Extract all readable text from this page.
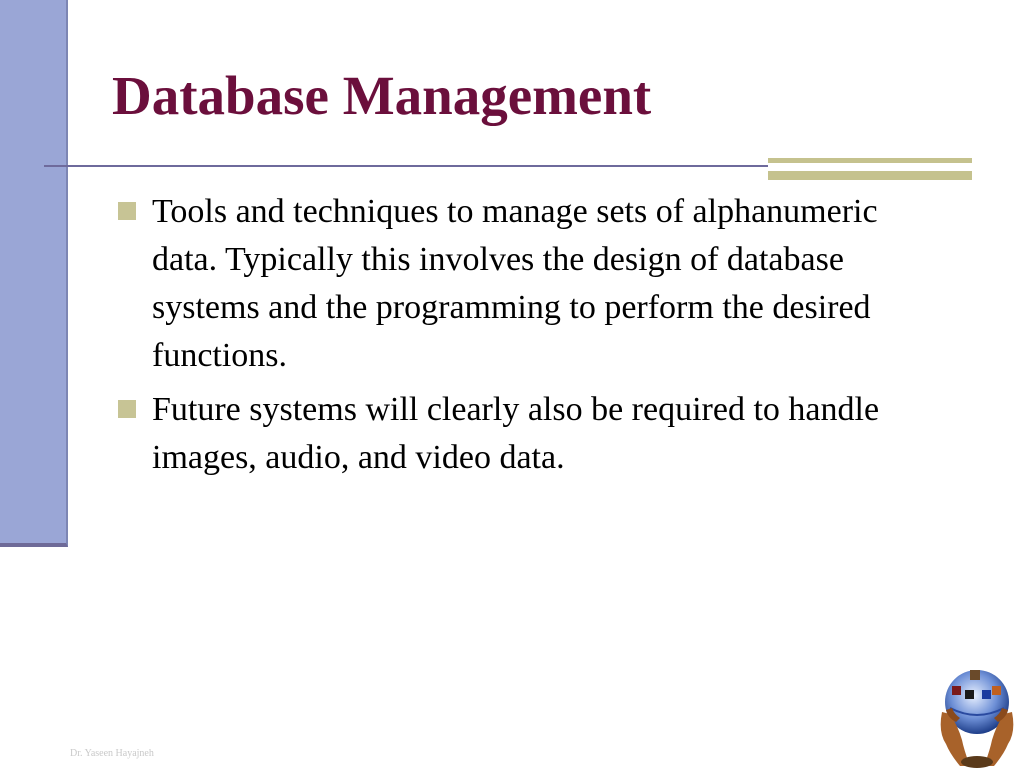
Database Management
Tools and techniques to manage sets of alphanumeric data. Typically this involves the design of database systems and the programming to perform the desired functions.
Future systems will clearly also be required to handle images, audio, and video data.
Dr. Yaseen Hayajneh
